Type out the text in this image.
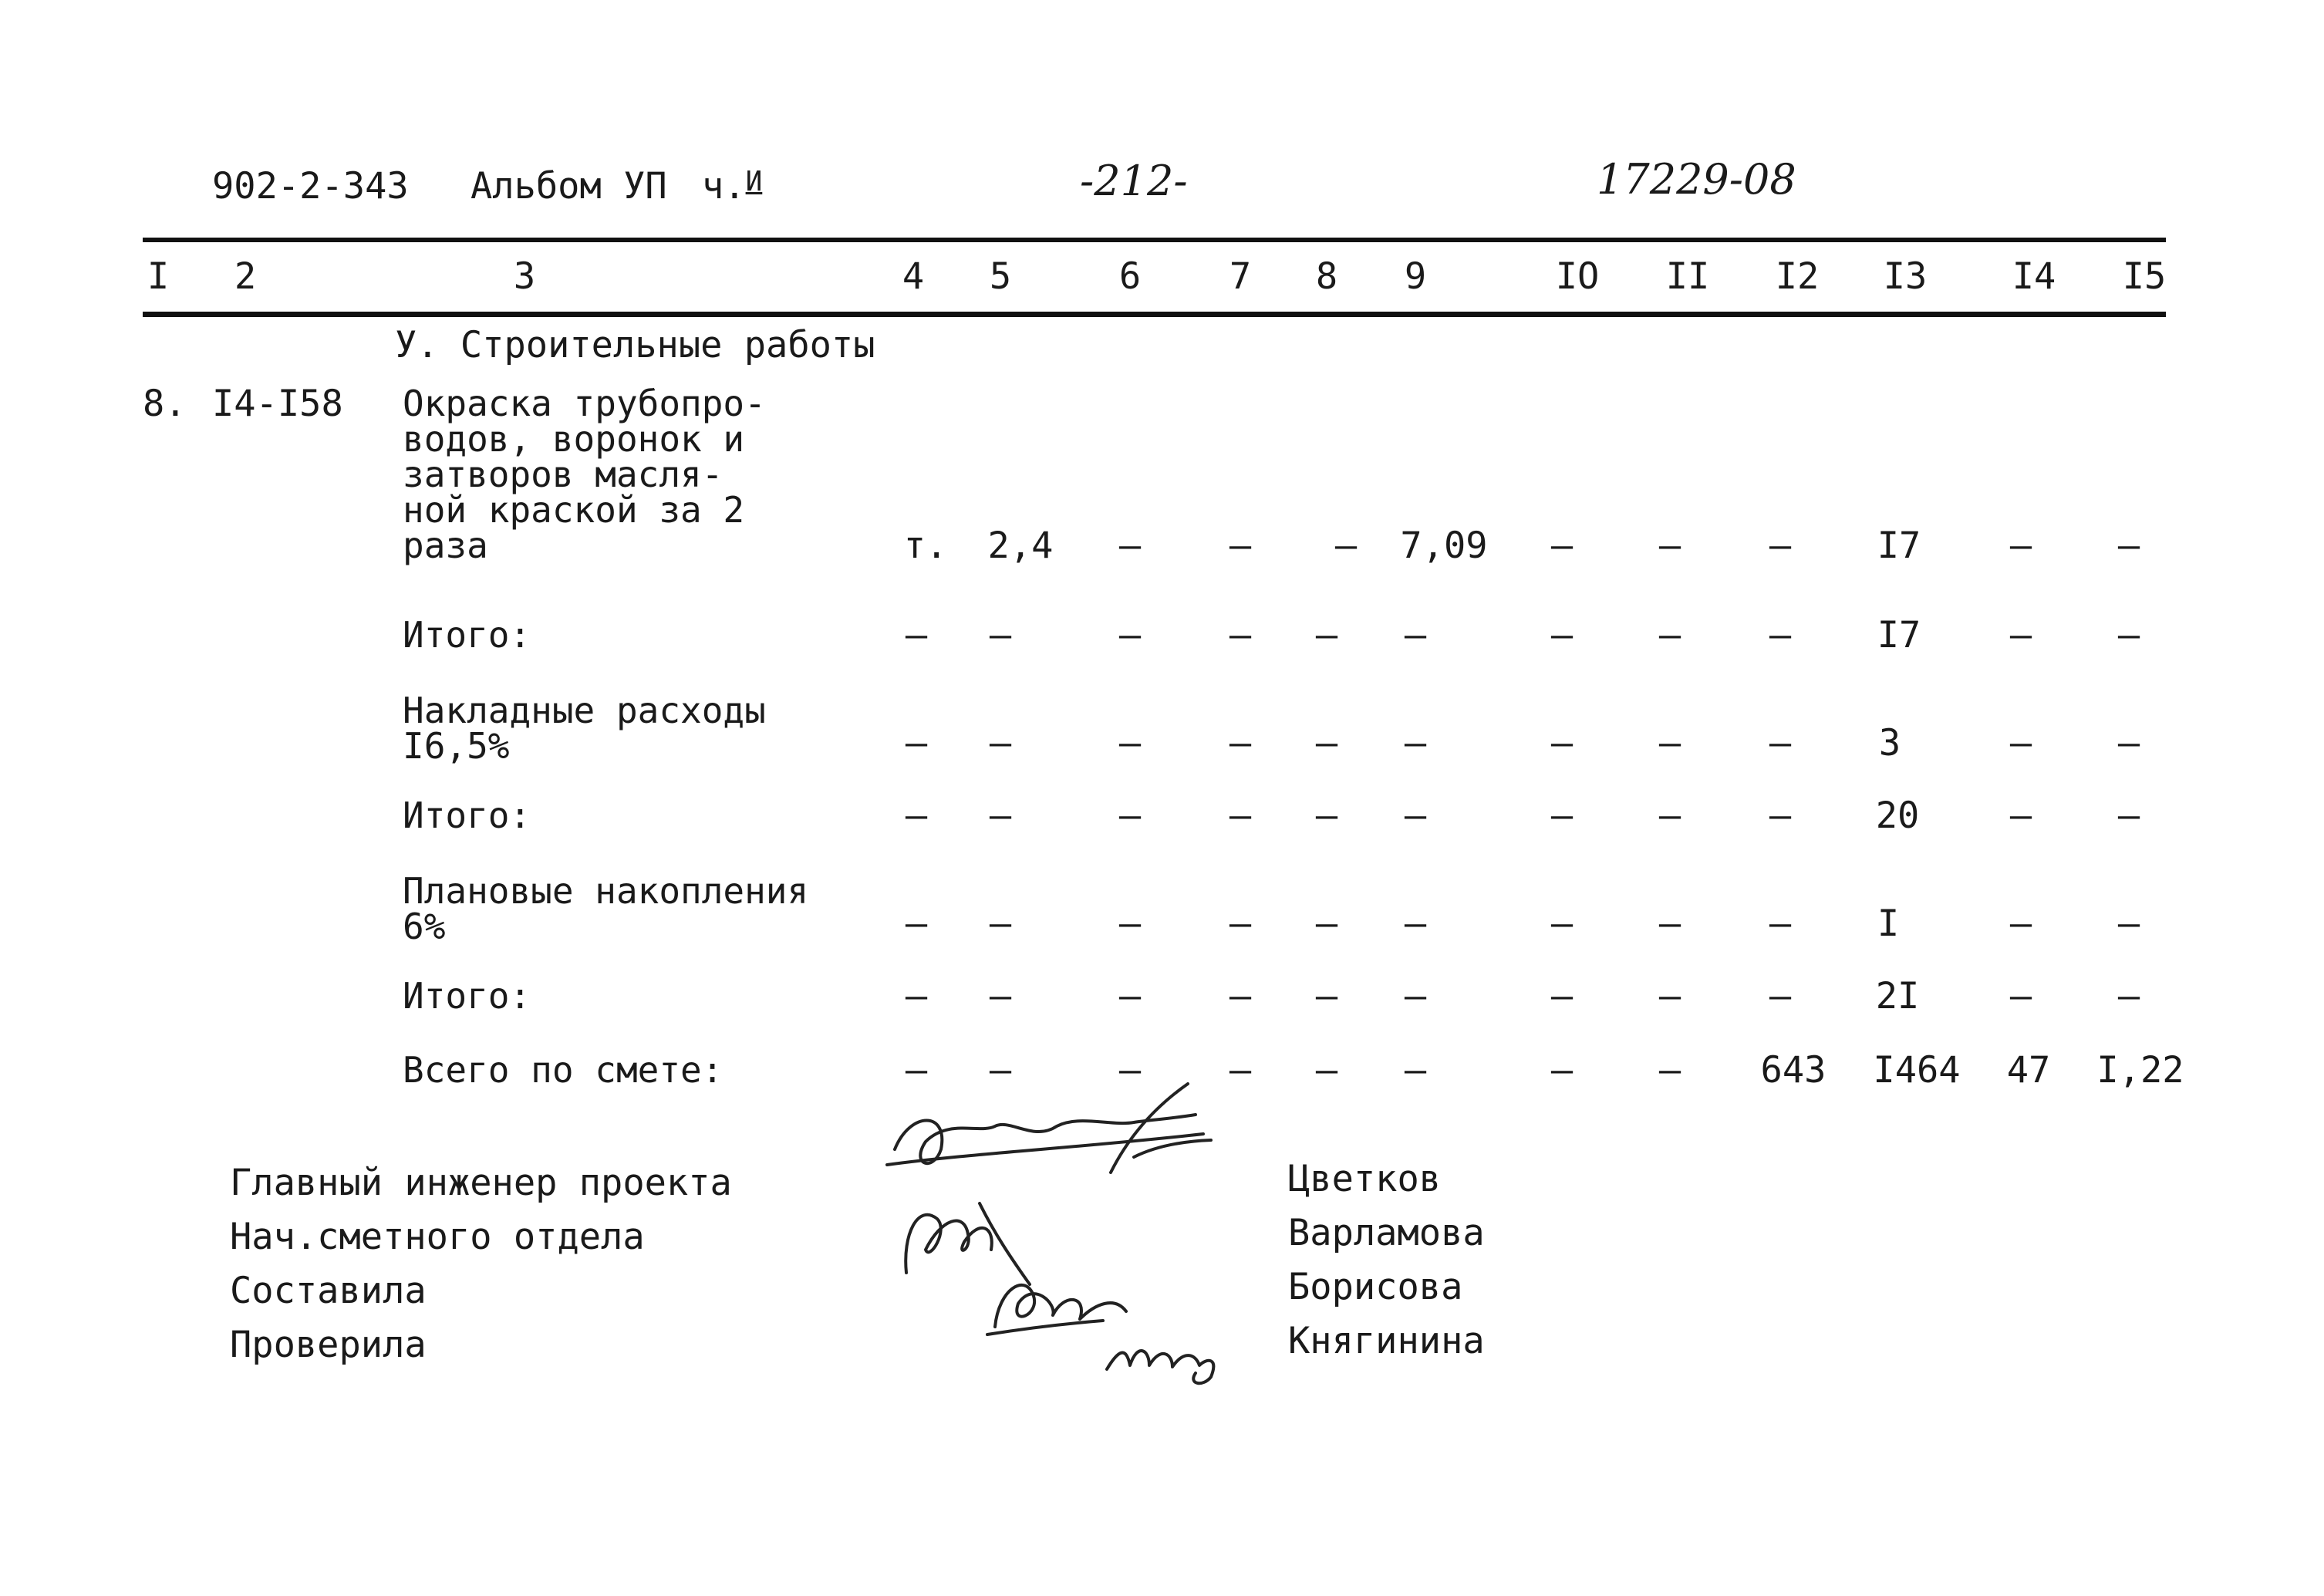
902-2-343 Альбом УП ч.$^И$	-212-	17229-08
I	2	3	4	5	6	7	8	9	IO	II	I2	I3	I4	I5
У. Строительные работы
8. I4-I58 Окраска трубопро-
водов, воронок и
затворов масля-
ной краской за 2
раза	т.	2,4	–	–	–	7,09	–	–	–	I7	–	–
Итого:	–	–	–	–	–	–	–	–	–	I7	–	–
Накладные расходы
I6,5%	–	–	–	–	–	–	–	–	–	3	–	–
Итого:	–	–	–	–	–	–	–	–	–	20	–	–
Плановые накопления
6%	–	–	–	–	–	–	–	–	–	I	–	–
Итого:	–	–	–	–	–	–	–	–	–	2I	–	–
Всего по смете:	–	–	–	–	–	–	–	–	643	I464	47	I,22
Главный инженер проекта
Нач.сметного отдела
Составила
Проверила
Цветков
Варламова
Борисова
Княгинина
